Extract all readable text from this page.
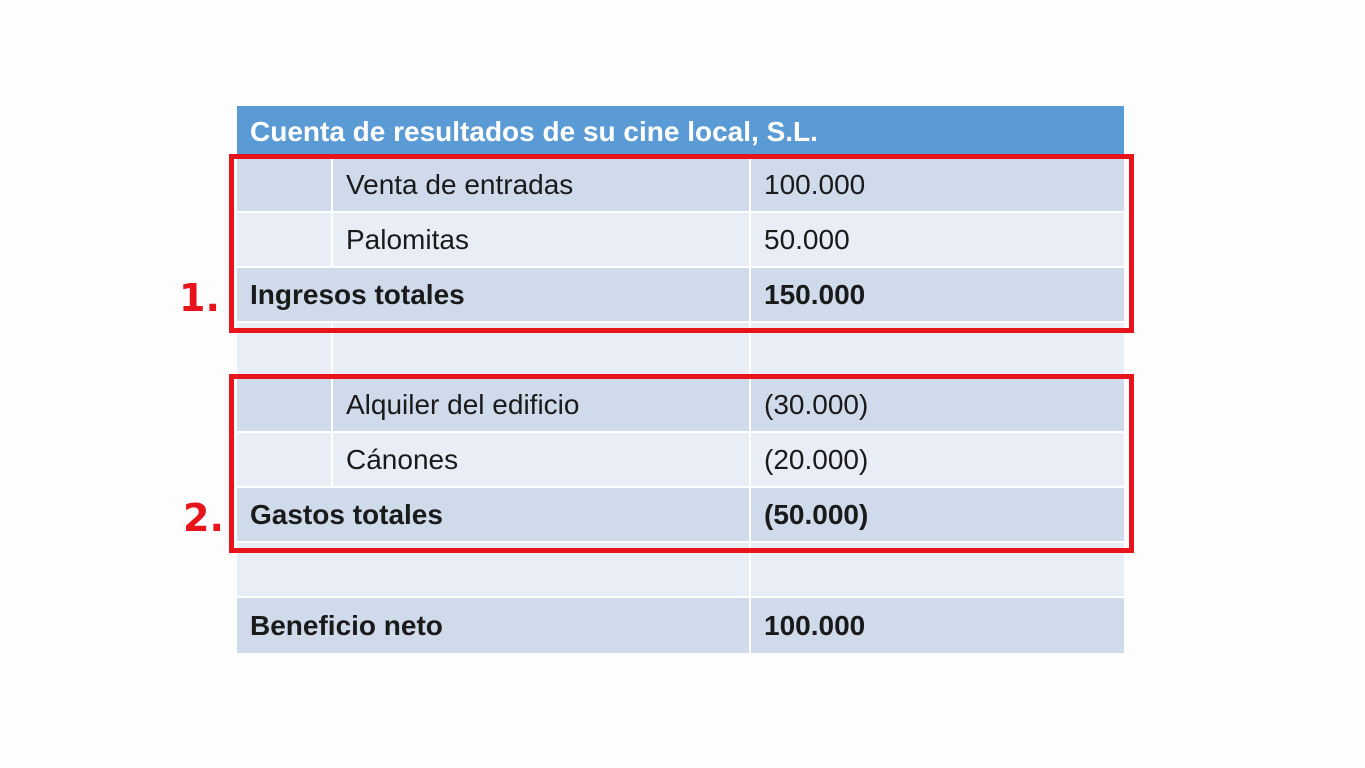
Cuenta de resultados de su cine local, S.L.
Venta de entradas	100.000
Palomitas	50.000
Ingresos totales	150.000
Alquiler del edificio	(30.000)
Cánones	(20.000)
Gastos totales	(50.000)
Beneficio neto	100.000
1.
2.
